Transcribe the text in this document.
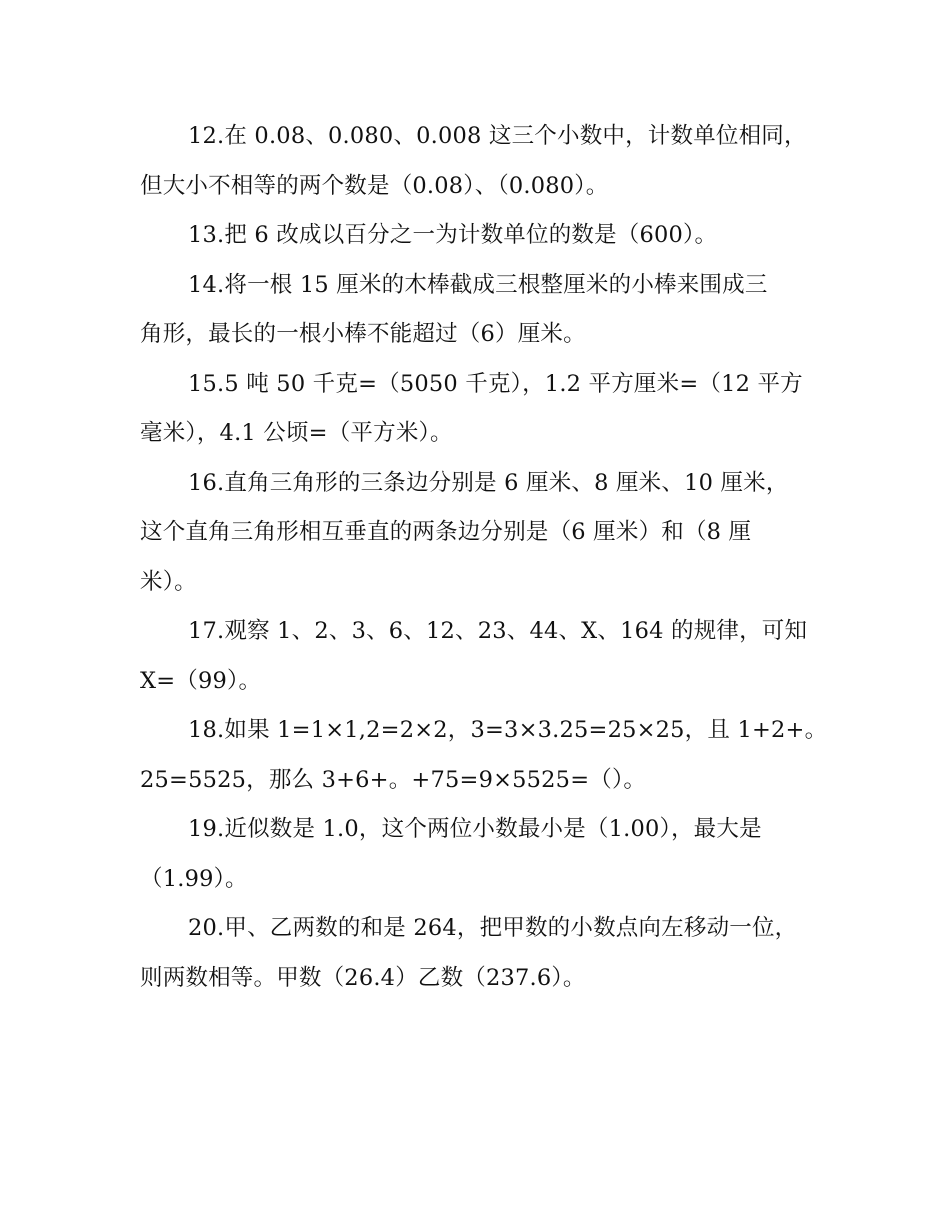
12.在 0.08、0.080、0.008 这三个小数中，计数单位相同，
但大小不相等的两个数是（0.08）、（0.080）。
13.把 6 改成以百分之一为计数单位的数是（600）。
14.将一根 15 厘米的木棒截成三根整厘米的小棒来围成三
角形，最长的一根小棒不能超过（6）厘米。
15.5 吨 50 千克=（5050 千克），1.2 平方厘米=（12 平方
毫米），4.1 公顷=（平方米）。
16.直角三角形的三条边分别是 6 厘米、8 厘米、10 厘米，
这个直角三角形相互垂直的两条边分别是（6 厘米）和（8 厘
米）。
17.观察 1、2、3、6、12、23、44、X、164 的规律，可知
X=（99）。
18.如果 1=1×1,2=2×2，3=3×3.25=25×25，且 1+2+。
25=5525，那么 3+6+。+75=9×5525=（）。
19.近似数是 1.0，这个两位小数最小是（1.00），最大是
（1.99）。
20.甲、乙两数的和是 264，把甲数的小数点向左移动一位，
则两数相等。甲数（26.4）乙数（237.6）。
